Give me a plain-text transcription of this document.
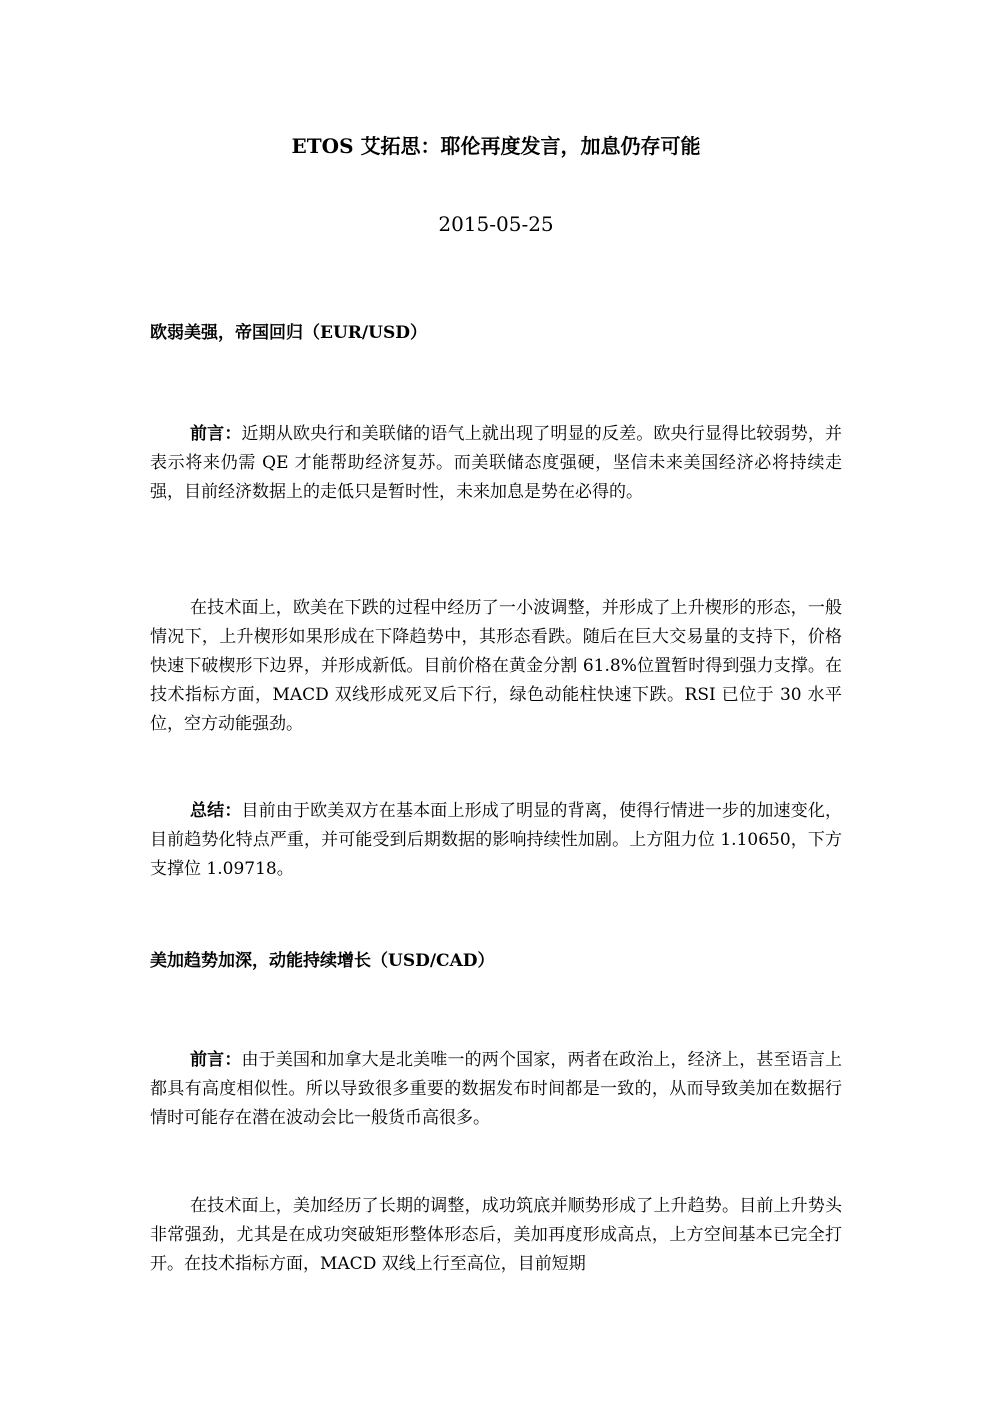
ETOS 艾拓思：耶伦再度发言，加息仍存可能
2015-05-25
欧弱美强，帝国回归（EUR/USD）

前言：近期从欧央行和美联储的语气上就出现了明显的反差。欧央行显得比较弱势，并表示将来仍需 QE 才能帮助经济复苏。而美联储态度强硬，坚信未来美国经济必将持续走强，目前经济数据上的走低只是暂时性，未来加息是势在必得的。

在技术面上，欧美在下跌的过程中经历了一小波调整，并形成了上升楔形的形态，一般情况下，上升楔形如果形成在下降趋势中，其形态看跌。随后在巨大交易量的支持下，价格快速下破楔形下边界，并形成新低。目前价格在黄金分割 61.8%位置暂时得到强力支撑。在技术指标方面，MACD 双线形成死叉后下行，绿色动能柱快速下跌。RSI 已位于 30 水平位，空方动能强劲。

总结：目前由于欧美双方在基本面上形成了明显的背离，使得行情进一步的加速变化，目前趋势化特点严重，并可能受到后期数据的影响持续性加剧。上方阻力位 1.10650，下方支撑位 1.09718。

美加趋势加深，动能持续增长（USD/CAD）

前言：由于美国和加拿大是北美唯一的两个国家，两者在政治上，经济上，甚至语言上都具有高度相似性。所以导致很多重要的数据发布时间都是一致的，从而导致美加在数据行情时可能存在潜在波动会比一般货币高很多。

在技术面上，美加经历了长期的调整，成功筑底并顺势形成了上升趋势。目前上升势头非常强劲，尤其是在成功突破矩形整体形态后，美加再度形成高点，上方空间基本已完全打开。在技术指标方面，MACD 双线上行至高位，目前短期
